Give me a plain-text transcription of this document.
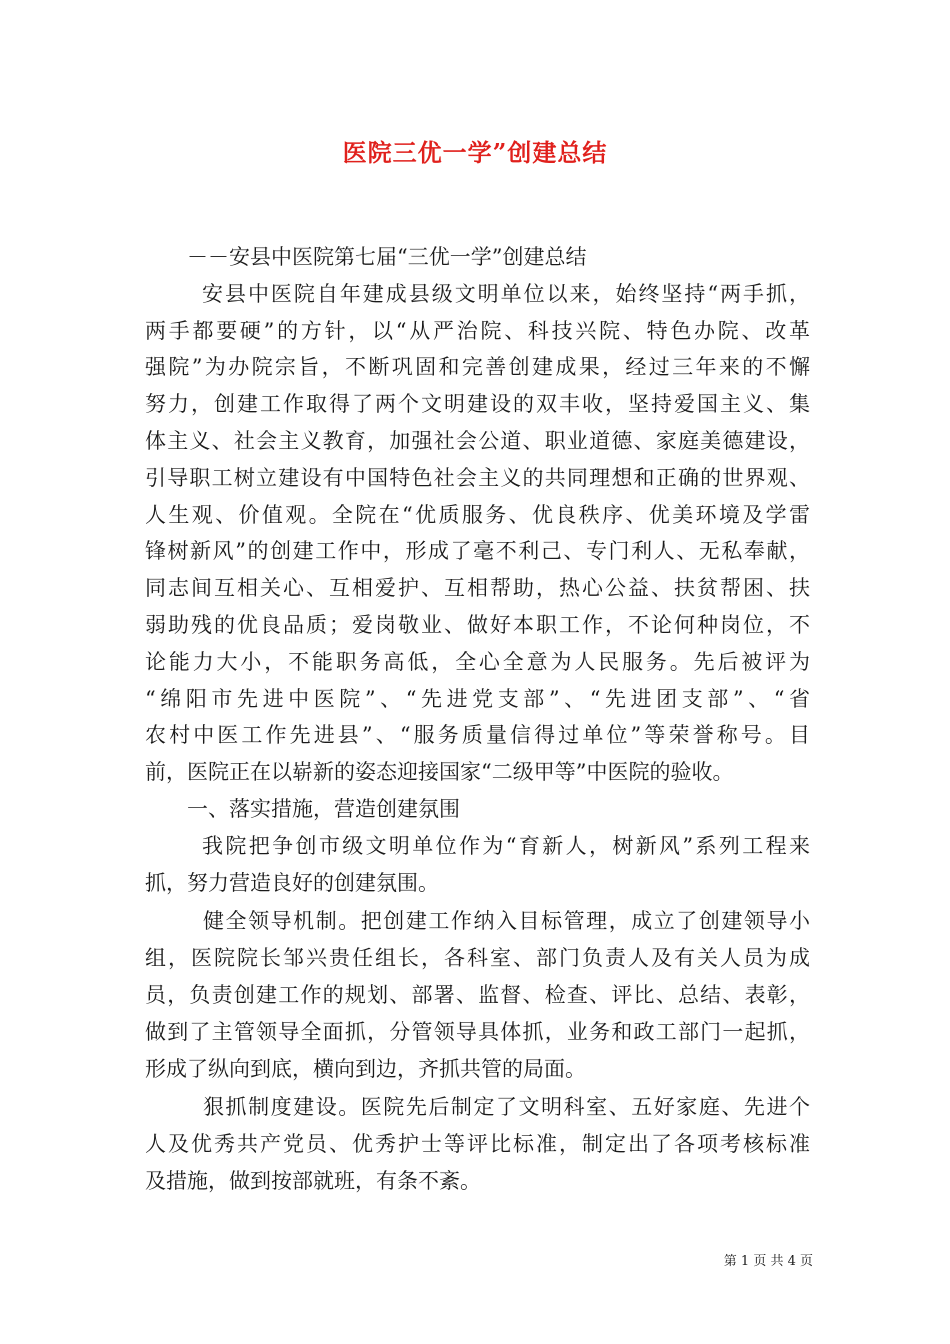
医院三优一学”创建总结
－－安县中医院第七届“三优一学”创建总结
安县中医院自年建成县级文明单位以来，始终坚持“两手抓，
两手都要硬”的方针，以“从严治院、科技兴院、特色办院、改革
强院”为办院宗旨，不断巩固和完善创建成果，经过三年来的不懈
努力，创建工作取得了两个文明建设的双丰收，坚持爱国主义、集
体主义、社会主义教育，加强社会公道、职业道德、家庭美德建设，
引导职工树立建设有中国特色社会主义的共同理想和正确的世界观、
人生观、价值观。全院在“优质服务、优良秩序、优美环境及学雷
锋树新风”的创建工作中，形成了毫不利己、专门利人、无私奉献，
同志间互相关心、互相爱护、互相帮助，热心公益、扶贫帮困、扶
弱助残的优良品质；爱岗敬业、做好本职工作，不论何种岗位，不
论能力大小，不能职务高低，全心全意为人民服务。先后被评为
“绵阳市先进中医院”、“先进党支部”、“先进团支部”、“省
农村中医工作先进县”、“服务质量信得过单位”等荣誉称号。目
前，医院正在以崭新的姿态迎接国家“二级甲等”中医院的验收。
一、落实措施，营造创建氛围
我院把争创市级文明单位作为“育新人，树新风”系列工程来
抓，努力营造良好的创建氛围。
健全领导机制。把创建工作纳入目标管理，成立了创建领导小
组，医院院长邹兴贵任组长，各科室、部门负责人及有关人员为成
员，负责创建工作的规划、部署、监督、检查、评比、总结、表彰，
做到了主管领导全面抓，分管领导具体抓，业务和政工部门一起抓，
形成了纵向到底，横向到边，齐抓共管的局面。
狠抓制度建设。医院先后制定了文明科室、五好家庭、先进个
人及优秀共产党员、优秀护士等评比标准，制定出了各项考核标准
及措施，做到按部就班，有条不紊。
第 1 页 共 4 页
